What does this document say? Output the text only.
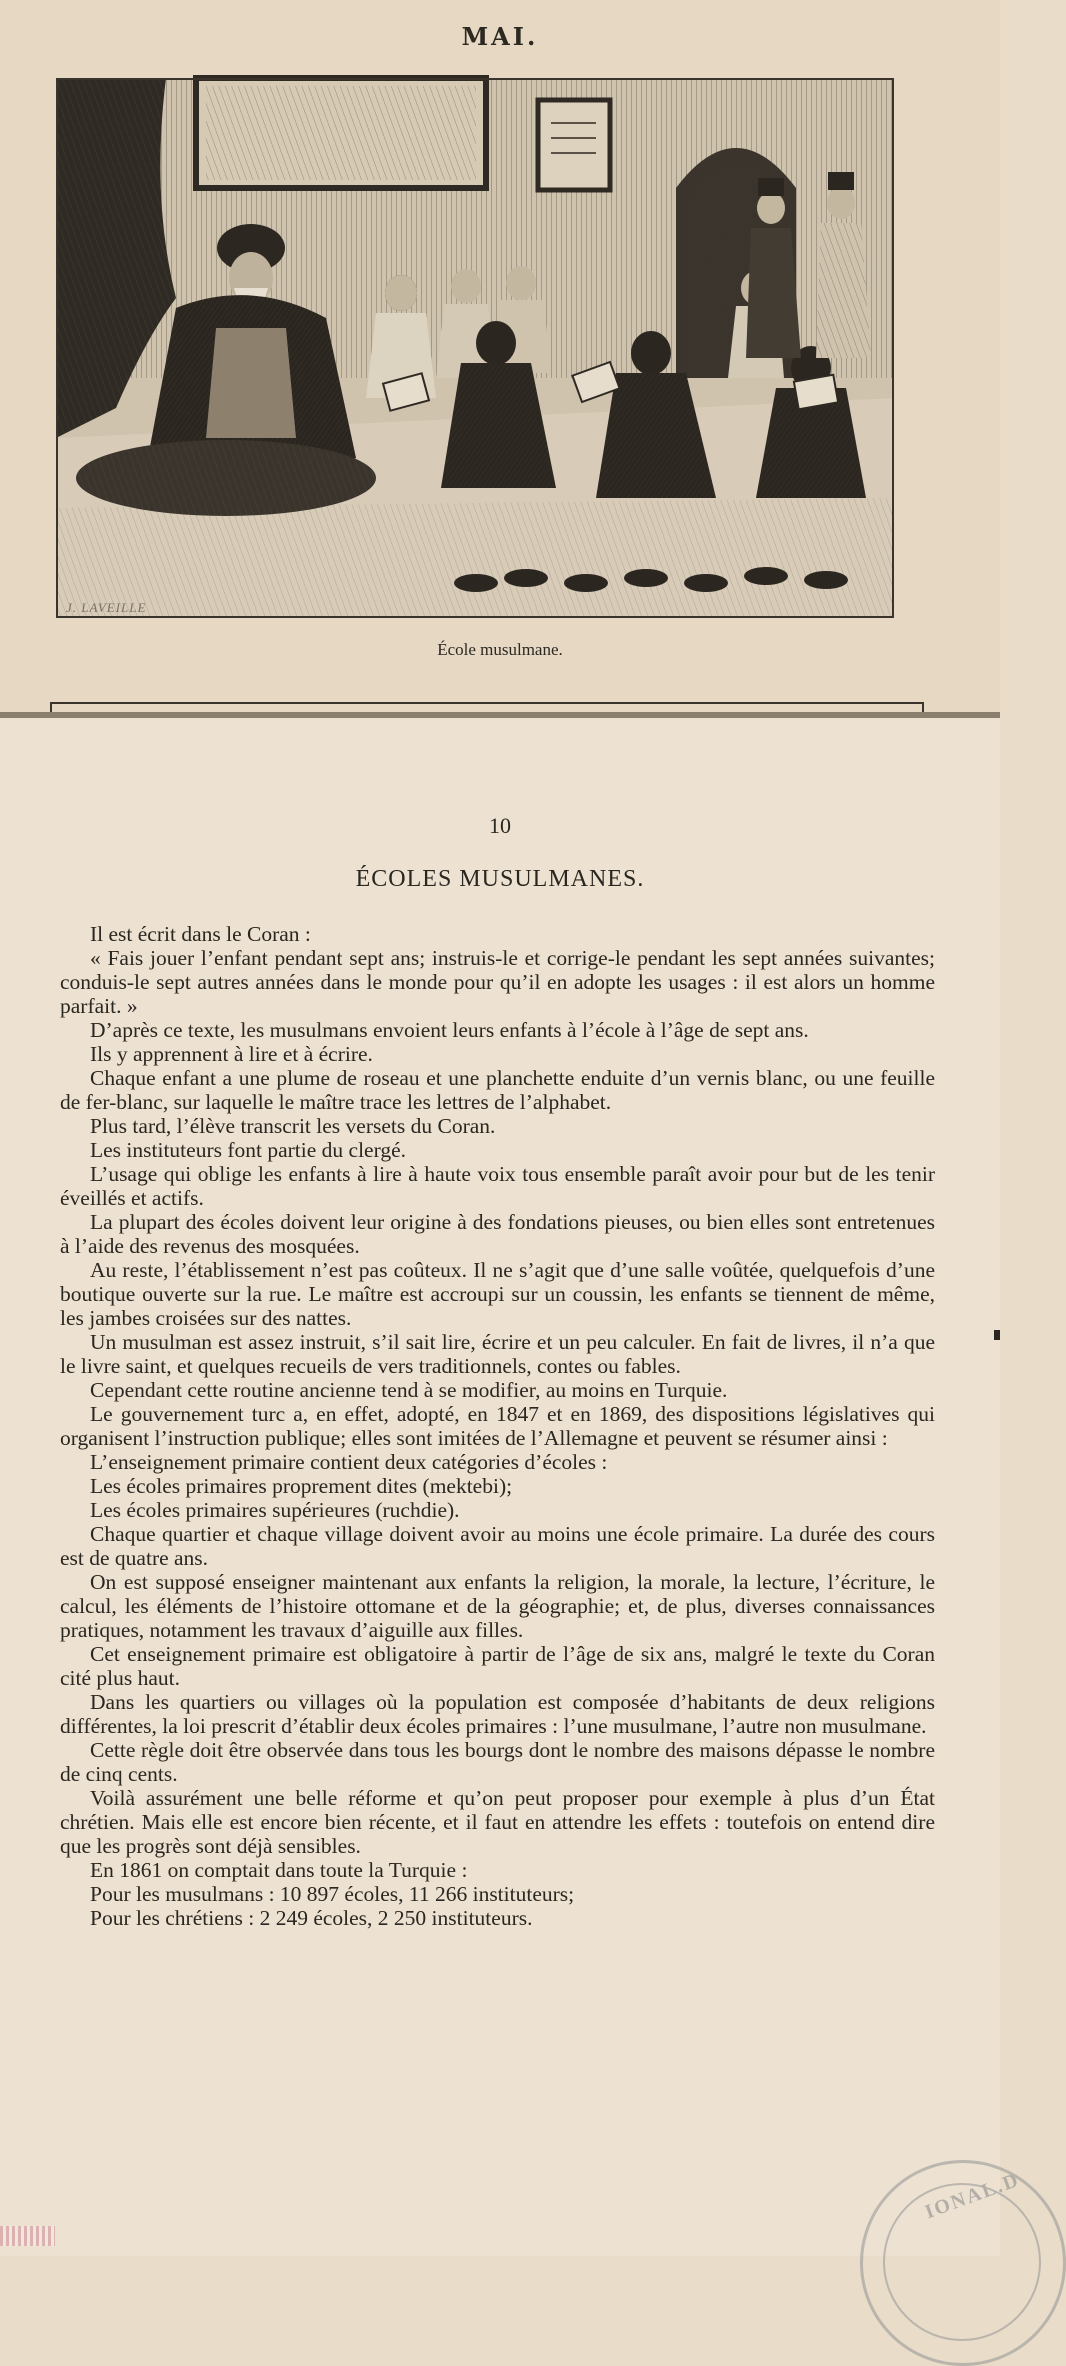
MAI.
J. LAVEILLE
École musulmane.
10
ÉCOLES MUSULMANES.

Il est écrit dans le Coran :

« Fais jouer l’enfant pendant sept ans; instruis-le et corrige-le pendant les sept années suivantes; conduis-le sept autres années dans le monde pour qu’il en adopte les usages : il est alors un homme parfait. »

D’après ce texte, les musulmans envoient leurs enfants à l’école à l’âge de sept ans.

Ils y apprennent à lire et à écrire.

Chaque enfant a une plume de roseau et une planchette enduite d’un vernis blanc, ou une feuille de fer-blanc, sur laquelle le maître trace les lettres de l’alphabet.

Plus tard, l’élève transcrit les versets du Coran.

Les instituteurs font partie du clergé.

L’usage qui oblige les enfants à lire à haute voix tous ensemble paraît avoir pour but de les tenir éveillés et actifs.

La plupart des écoles doivent leur origine à des fondations pieuses, ou bien elles sont entretenues à l’aide des revenus des mosquées.

Au reste, l’établissement n’est pas coûteux. Il ne s’agit que d’une salle voûtée, quelquefois d’une boutique ouverte sur la rue. Le maître est accroupi sur un coussin, les enfants se tiennent de même, les jambes croisées sur des nattes.

Un musulman est assez instruit, s’il sait lire, écrire et un peu calculer. En fait de livres, il n’a que le livre saint, et quelques recueils de vers traditionnels, contes ou fables.

Cependant cette routine ancienne tend à se modifier, au moins en Turquie.

Le gouvernement turc a, en effet, adopté, en 1847 et en 1869, des dispositions législatives qui organisent l’instruction publique; elles sont imitées de l’Allemagne et peuvent se résumer ainsi :

L’enseignement primaire contient deux catégories d’écoles :

Les écoles primaires proprement dites (mektebi);

Les écoles primaires supérieures (ruchdie).

Chaque quartier et chaque village doivent avoir au moins une école primaire. La durée des cours est de quatre ans.

On est supposé enseigner maintenant aux enfants la religion, la morale, la lecture, l’écriture, le calcul, les éléments de l’histoire ottomane et de la géographie; et, de plus, diverses connaissances pratiques, notamment les travaux d’aiguille aux filles.

Cet enseignement primaire est obligatoire à partir de l’âge de six ans, malgré le texte du Coran cité plus haut.

Dans les quartiers ou villages où la population est composée d’habitants de deux religions différentes, la loi prescrit d’établir deux écoles primaires : l’une musulmane, l’autre non musulmane.

Cette règle doit être observée dans tous les bourgs dont le nombre des maisons dépasse le nombre de cinq cents.

Voilà assurément une belle réforme et qu’on peut proposer pour exemple à plus d’un État chrétien. Mais elle est encore bien récente, et il faut en attendre les effets : toutefois on entend dire que les progrès sont déjà sensibles.

En 1861 on comptait dans toute la Turquie :

Pour les musulmans : 10 897 écoles, 11 266 instituteurs;

Pour les chrétiens : 2 249 écoles, 2 250 instituteurs.

IONAL.D
